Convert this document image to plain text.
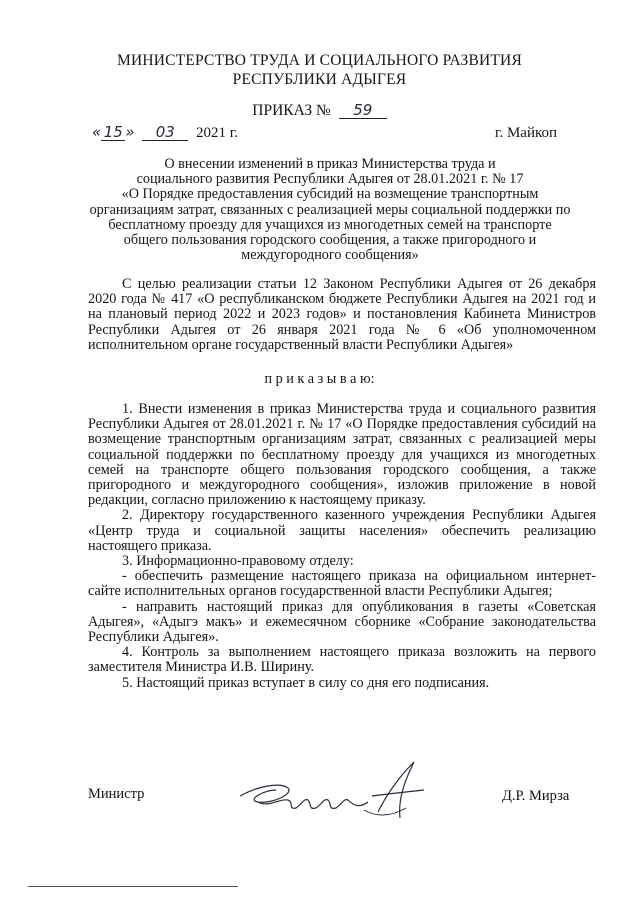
МИНИСТЕРСТВО ТРУДА И СОЦИАЛЬНОГО РАЗВИТИЯ
РЕСПУБЛИКИ АДЫГЕЯ
ПРИКАЗ № 59
« 15 » 03 2021 г.	г. Майкоп

О внесении изменений в приказ Министерства труда и

социального развития Республики Адыгея от 28.01.2021 г. № 17

«О Порядке предоставления субсидий на возмещение транспортным

организациям затрат, связанных с реализацией меры социальной поддержки по

бесплатному проезду для учащихся из многодетных семей на транспорте

общего пользования городского сообщения, а также пригородного и

междугородного сообщения»

С целью реализации статьи 12 Законом Республики Адыгея от 26 декабря 2020 года № 417 «О республиканском бюджете Республики Адыгея на 2021 год и на плановый период 2022 и 2023 годов» и постановления Кабинета Министров Республики Адыгея от 26 января 2021 года № 6 «Об уполномоченном исполнительном органе государственный власти Республики Адыгея»

п р и к а з ы в а ю:

1. Внести изменения в приказ Министерства труда и социального развития Республики Адыгея от 28.01.2021 г. № 17 «О Порядке предоставления субсидий на возмещение транспортным организациям затрат, связанных с реализацией меры социальной поддержки по бесплатному проезду для учащихся из многодетных семей на транспорте общего пользования городского сообщения, а также пригородного и междугородного сообщения», изложив приложение в новой редакции, согласно приложению к настоящему приказу.

2. Директору государственного казенного учреждения Республики Адыгея «Центр труда и социальной защиты населения» обеспечить реализацию настоящего приказа.

3. Информационно-правовому отделу:

- обеспечить размещение настоящего приказа на официальном интернет-сайте исполнительных органов государственной власти Республики Адыгея;

- направить настоящий приказ для опубликования в газеты «Советская Адыгея», «Адыгэ макъ» и ежемесячном сборнике «Собрание законодательства Республики Адыгея».

4. Контроль за выполнением настоящего приказа возложить на первого заместителя Министра И.В. Ширину.

5. Настоящий приказ вступает в силу со дня его подписания.

Министр	Д.Р. Мирза
